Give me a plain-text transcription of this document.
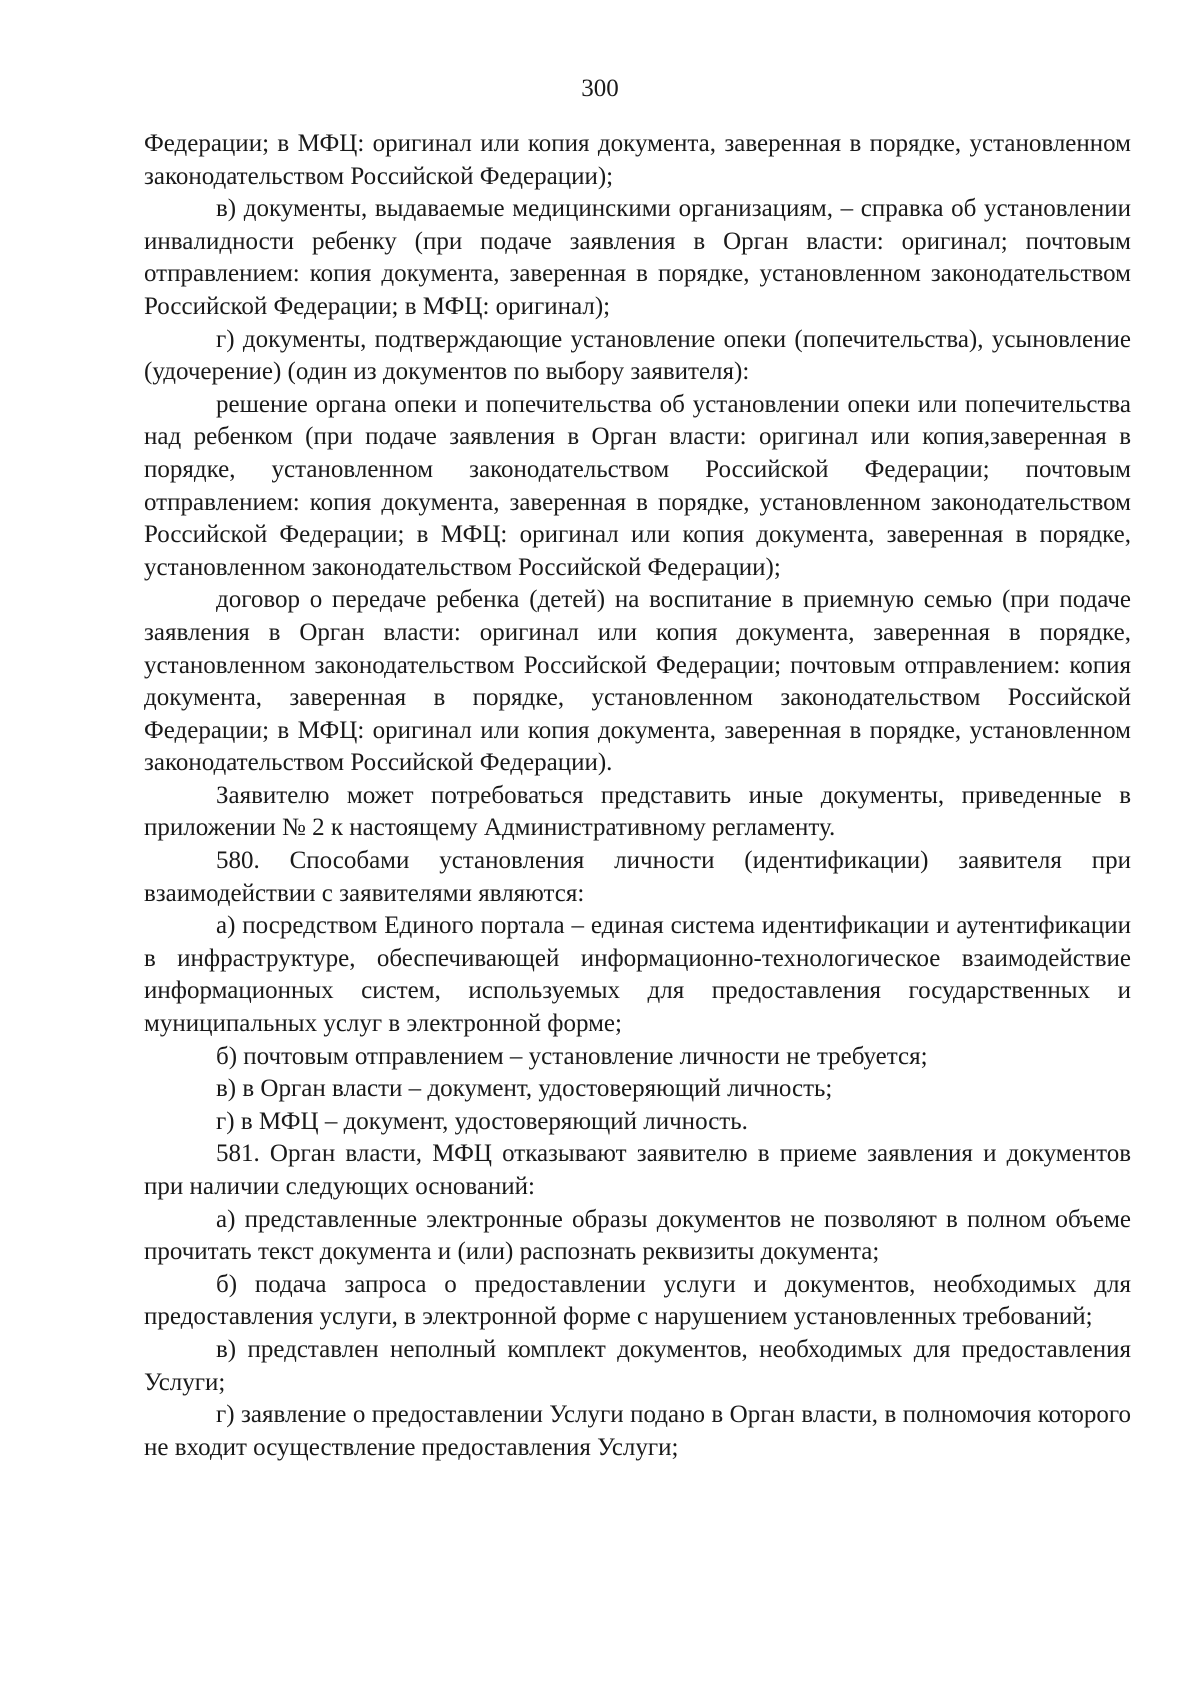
300

Федерации; в МФЦ: оригинал или копия документа, заверенная в порядке, установленном законодательством Российской Федерации);

в) документы, выдаваемые медицинскими организациям, – справка об установлении инвалидности ребенку (при подаче заявления в Орган власти: оригинал; почтовым отправлением: копия документа, заверенная в порядке, установленном законодательством Российской Федерации; в МФЦ: оригинал);

г) документы, подтверждающие установление опеки (попечительства), усыновление (удочерение) (один из документов по выбору заявителя):

решение органа опеки и попечительства об установлении опеки или попечительства над ребенком (при подаче заявления в Орган власти: оригинал или копия,заверенная в порядке, установленном законодательством Российской Федерации; почтовым отправлением: копия документа, заверенная в порядке, установленном законодательством Российской Федерации; в МФЦ: оригинал или копия документа, заверенная в порядке, установленном законодательством Российской Федерации);

договор о передаче ребенка (детей) на воспитание в приемную семью (при подаче заявления в Орган власти: оригинал или копия документа, заверенная в порядке, установленном законодательством Российской Федерации; почтовым отправлением: копия документа, заверенная в порядке, установленном законодательством Российской Федерации; в МФЦ: оригинал или копия документа, заверенная в порядке, установленном законодательством Российской Федерации).

Заявителю может потребоваться представить иные документы, приведенные в приложении № 2 к настоящему Административному регламенту.

580. Способами установления личности (идентификации) заявителя при взаимодействии с заявителями являются:

а) посредством Единого портала – единая система идентификации и аутентификации в инфраструктуре, обеспечивающей информационно-технологическое взаимодействие информационных систем, используемых для предоставления государственных и муниципальных услуг в электронной форме;

б) почтовым отправлением – установление личности не требуется;

в) в Орган власти – документ, удостоверяющий личность;

г) в МФЦ – документ, удостоверяющий личность.

581. Орган власти, МФЦ отказывают заявителю в приеме заявления и документов при наличии следующих оснований:

а) представленные электронные образы документов не позволяют в полном объеме прочитать текст документа и (или) распознать реквизиты документа;

б) подача запроса о предоставлении услуги и документов, необходимых для предоставления услуги, в электронной форме с нарушением установленных требований;

в) представлен неполный комплект документов, необходимых для предоставления Услуги;

г) заявление о предоставлении Услуги подано в Орган власти, в полномочия которого не входит осуществление предоставления Услуги;
